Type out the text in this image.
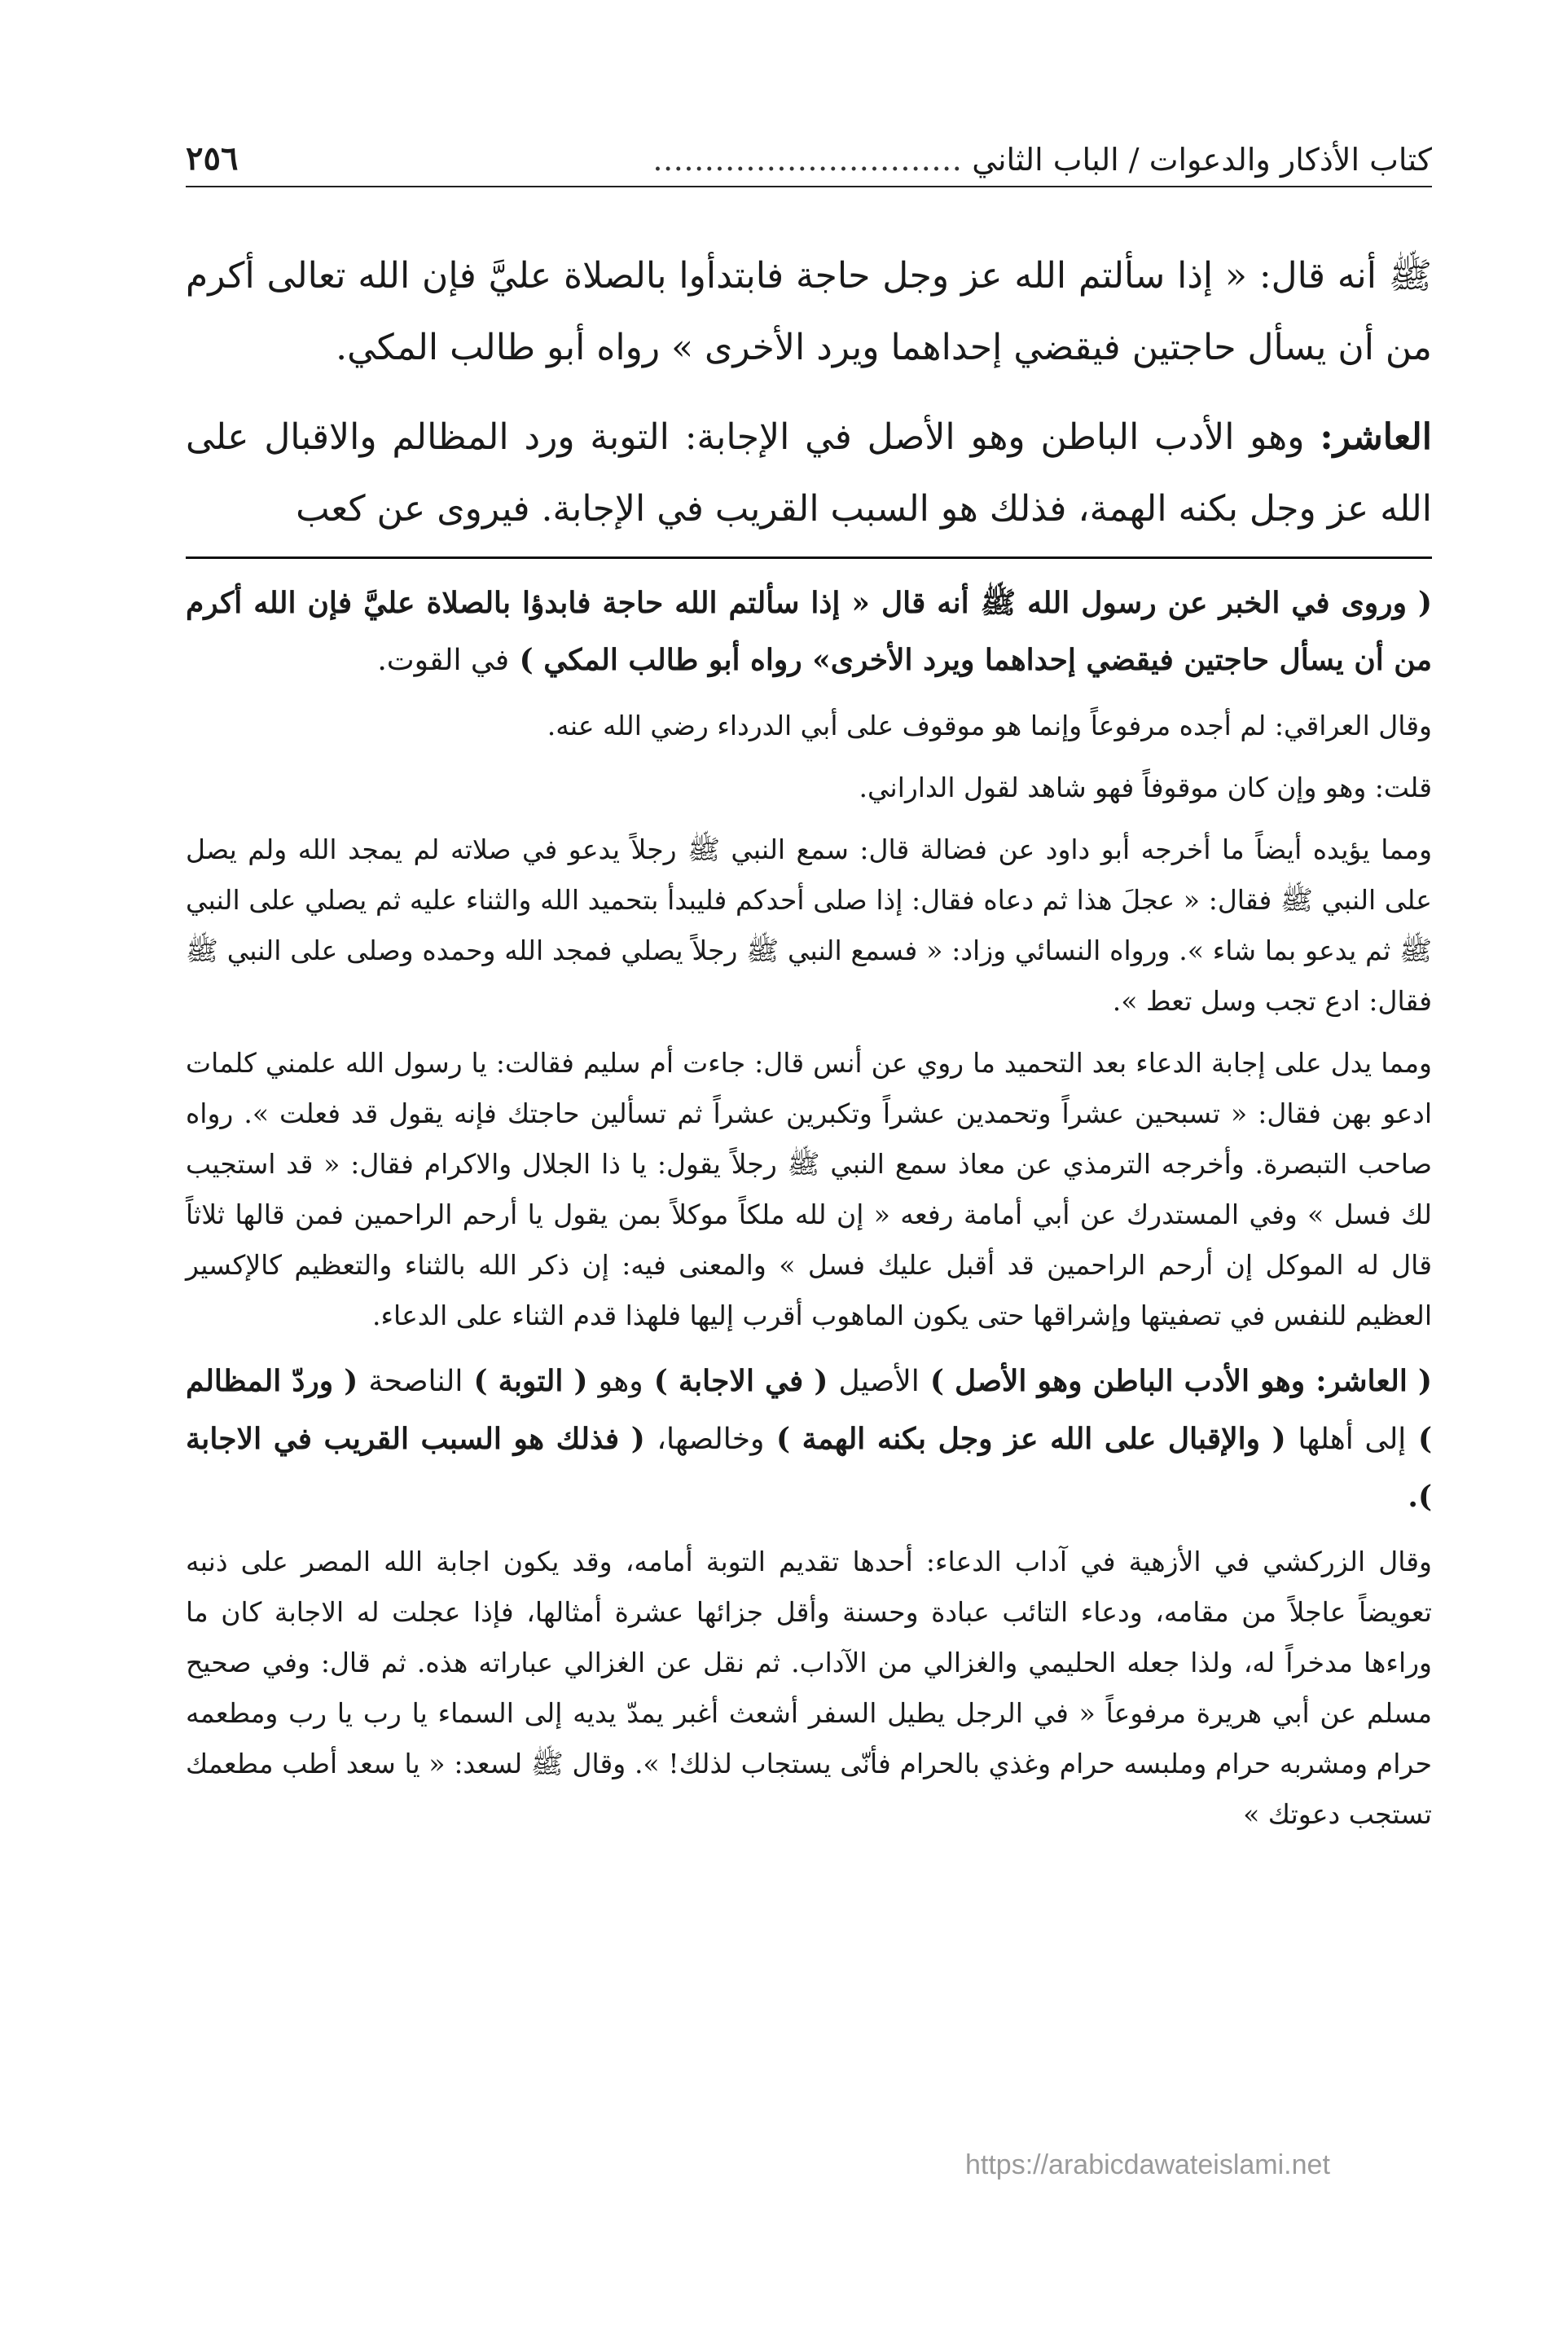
كتاب الأذكار والدعوات / الباب الثاني …………………………
٢٥٦

ﷺ أنه قال: « إذا سألتم الله عز وجل حاجة فابتدأوا بالصلاة عليَّ فإن الله تعالى أكرم من أن يسأل حاجتين فيقضي إحداهما ويرد الأخرى » رواه أبو طالب المكي.

العاشر: وهو الأدب الباطن وهو الأصل في الإجابة: التوبة ورد المظالم والاقبال على الله عز وجل بكنه الهمة، فذلك هو السبب القريب في الإجابة. فيروى عن كعب

( وروى في الخبر عن رسول الله ﷺ أنه قال « إذا سألتم الله حاجة فابدؤا بالصلاة عليَّ فإن الله أكرم من أن يسأل حاجتين فيقضي إحداهما ويرد الأخرى» رواه أبو طالب المكي ) في القوت.

وقال العراقي: لم أجده مرفوعاً وإنما هو موقوف على أبي الدرداء رضي الله عنه.

قلت: وهو وإن كان موقوفاً فهو شاهد لقول الداراني.

ومما يؤيده أيضاً ما أخرجه أبو داود عن فضالة قال: سمع النبي ﷺ رجلاً يدعو في صلاته لم يمجد الله ولم يصل على النبي ﷺ فقال: « عجلَ هذا ثم دعاه فقال: إذا صلى أحدكم فليبدأ بتحميد الله والثناء عليه ثم يصلي على النبي ﷺ ثم يدعو بما شاء ». ورواه النسائي وزاد: « فسمع النبي ﷺ رجلاً يصلي فمجد الله وحمده وصلى على النبي ﷺ فقال: ادع تجب وسل تعط ».

ومما يدل على إجابة الدعاء بعد التحميد ما روي عن أنس قال: جاءت أم سليم فقالت: يا رسول الله علمني كلمات ادعو بهن فقال: « تسبحين عشراً وتحمدين عشراً وتكبرين عشراً ثم تسألين حاجتك فإنه يقول قد فعلت ». رواه صاحب التبصرة. وأخرجه الترمذي عن معاذ سمع النبي ﷺ رجلاً يقول: يا ذا الجلال والاكرام فقال: « قد استجيب لك فسل » وفي المستدرك عن أبي أمامة رفعه « إن لله ملكاً موكلاً بمن يقول يا أرحم الراحمين فمن قالها ثلاثاً قال له الموكل إن أرحم الراحمين قد أقبل عليك فسل » والمعنى فيه: إن ذكر الله بالثناء والتعظيم كالإكسير العظيم للنفس في تصفيتها وإشراقها حتى يكون الماهوب أقرب إليها فلهذا قدم الثناء على الدعاء.

( العاشر: وهو الأدب الباطن وهو الأصل ) الأصيل ( في الاجابة ) وهو ( التوبة ) الناصحة ( وردّ المظالم ) إلى أهلها ( والإقبال على الله عز وجل بكنه الهمة ) وخالصها، ( فذلك هو السبب القريب في الاجابة ).

وقال الزركشي في الأزهية في آداب الدعاء: أحدها تقديم التوبة أمامه، وقد يكون اجابة الله المصر على ذنبه تعويضاً عاجلاً من مقامه، ودعاء التائب عبادة وحسنة وأقل جزائها عشرة أمثالها، فإذا عجلت له الاجابة كان ما وراءها مدخراً له، ولذا جعله الحليمي والغزالي من الآداب. ثم نقل عن الغزالي عباراته هذه. ثم قال: وفي صحيح مسلم عن أبي هريرة مرفوعاً « في الرجل يطيل السفر أشعث أغبر يمدّ يديه إلى السماء يا رب يا رب ومطعمه حرام ومشربه حرام وملبسه حرام وغذي بالحرام فأنّى يستجاب لذلك! ». وقال ﷺ لسعد: « يا سعد أطب مطعمك تستجب دعوتك »

https://arabicdawateislami.net
